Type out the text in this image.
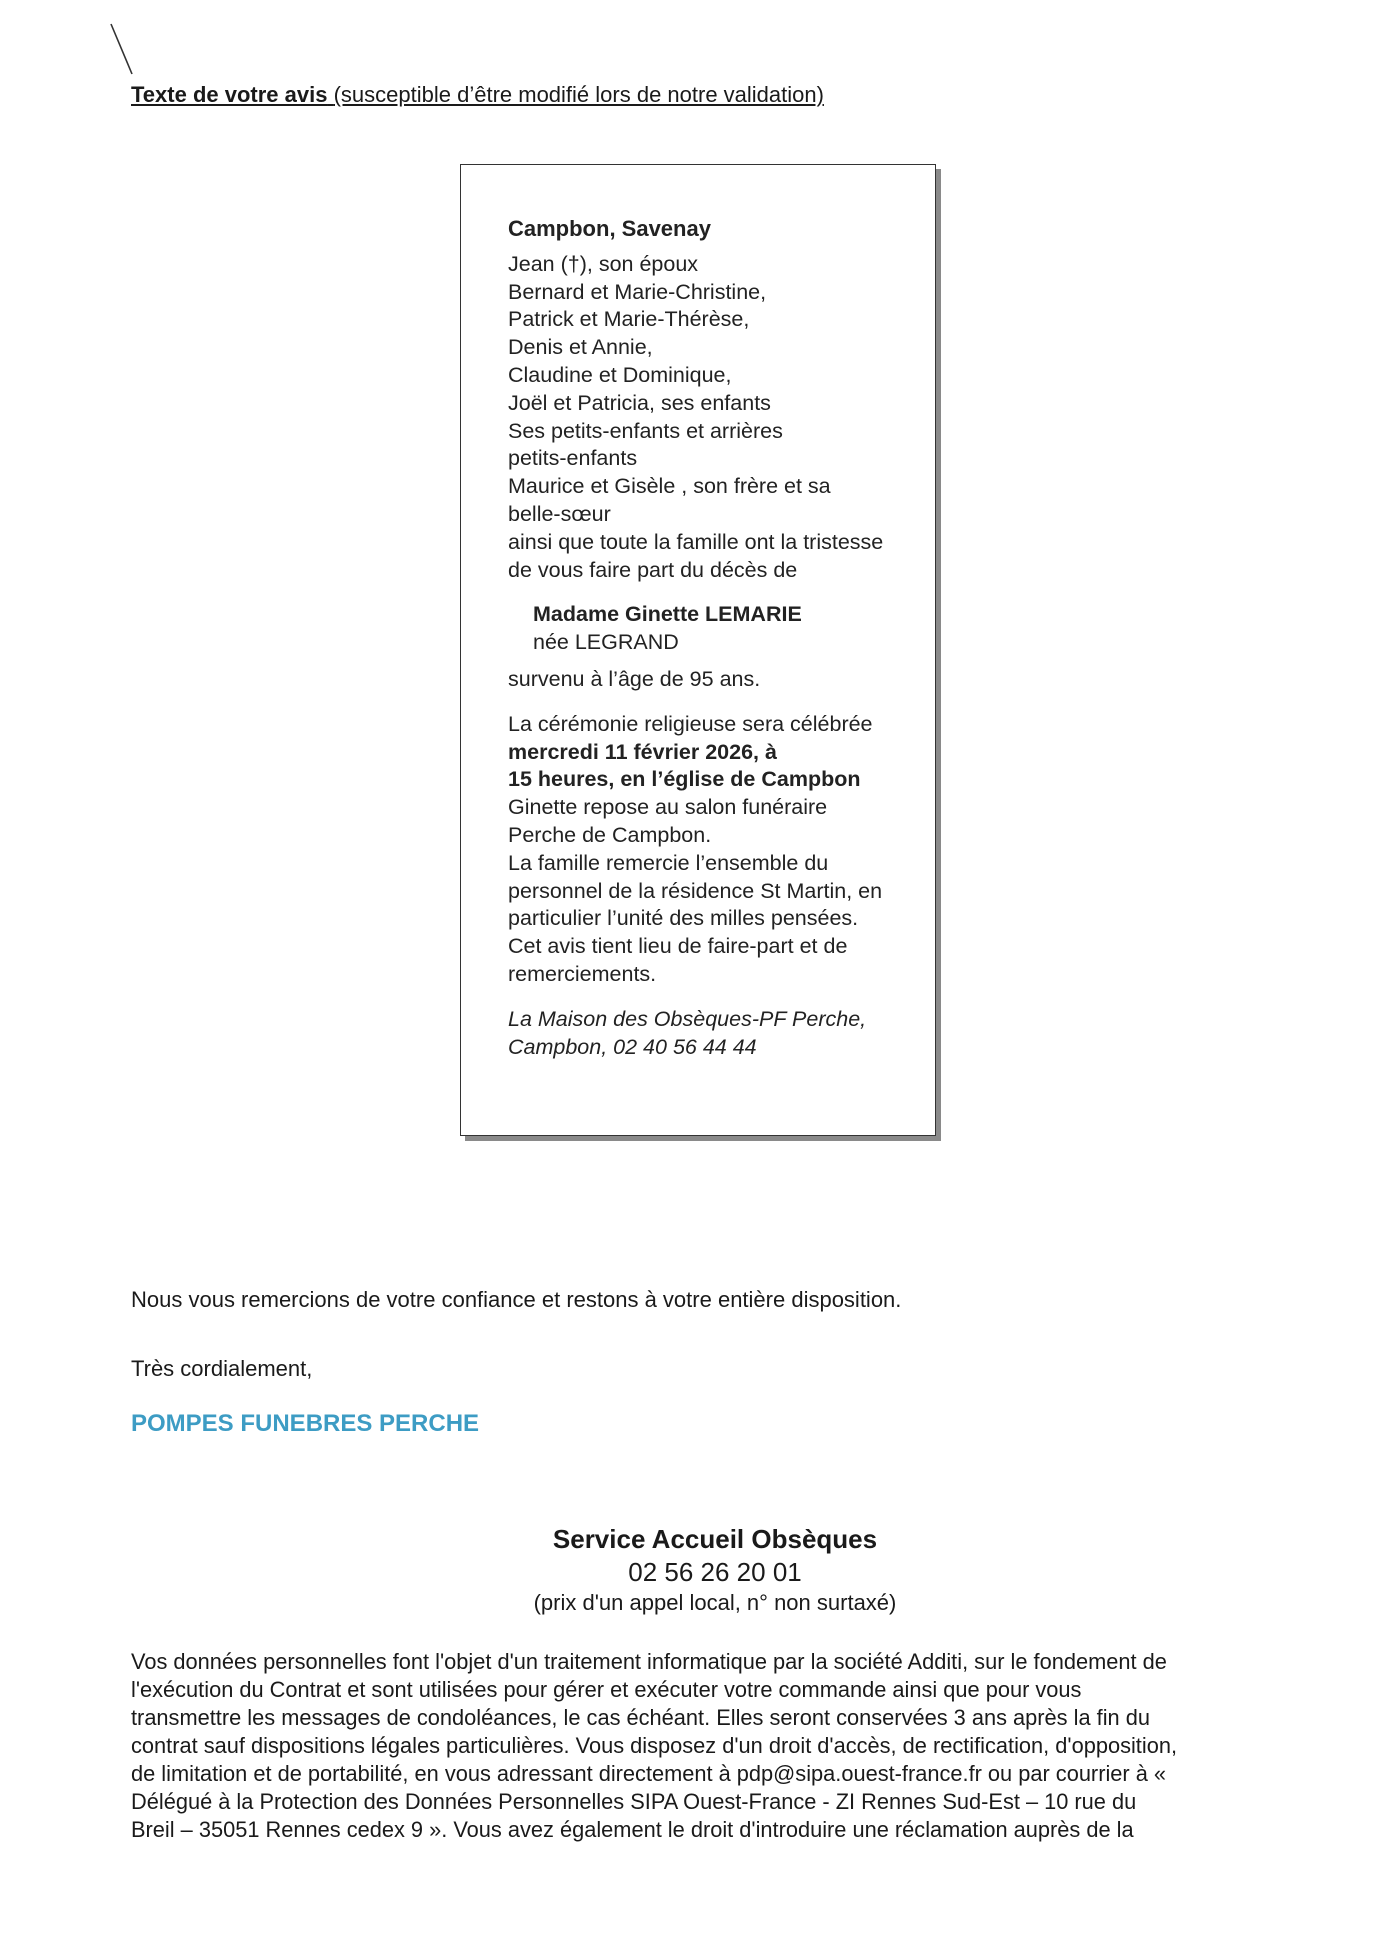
Texte de votre avis (susceptible d’être modifié lors de notre validation)
Campbon, Savenay
Jean (†), son époux
Bernard et Marie-Christine,
Patrick et Marie-Thérèse,
Denis et Annie,
Claudine et Dominique,
Joël et Patricia, ses enfants
Ses petits-enfants et arrières
petits-enfants
Maurice et Gisèle , son frère et sa
belle-sœur
ainsi que toute la famille ont la tristesse
de vous faire part du décès de
Madame Ginette LEMARIE
née LEGRAND
survenu à l’âge de 95 ans.
La cérémonie religieuse sera célébrée
mercredi 11 février 2026, à
15 heures, en l’église de Campbon
Ginette repose au salon funéraire
Perche de Campbon.
La famille remercie l’ensemble du
personnel de la résidence St Martin, en
particulier l’unité des milles pensées.
Cet avis tient lieu de faire-part et de
remerciements.
La Maison des Obsèques-PF Perche,
Campbon, 02 40 56 44 44
Nous vous remercions de votre confiance et restons à votre entière disposition.
Très cordialement,
POMPES FUNEBRES PERCHE
Service Accueil Obsèques
02 56 26 20 01
(prix d'un appel local, n° non surtaxé)
Vos données personnelles font l'objet d'un traitement informatique par la société Additi, sur le fondement de
l'exécution du Contrat et sont utilisées pour gérer et exécuter votre commande ainsi que pour vous
transmettre les messages de condoléances, le cas échéant. Elles seront conservées 3 ans après la fin du
contrat sauf dispositions légales particulières. Vous disposez d'un droit d'accès, de rectification, d'opposition,
de limitation et de portabilité, en vous adressant directement à pdp@sipa.ouest-france.fr ou par courrier à «
Délégué à la Protection des Données Personnelles SIPA Ouest-France - ZI Rennes Sud-Est – 10 rue du
Breil – 35051 Rennes cedex 9 ». Vous avez également le droit d'introduire une réclamation auprès de la
